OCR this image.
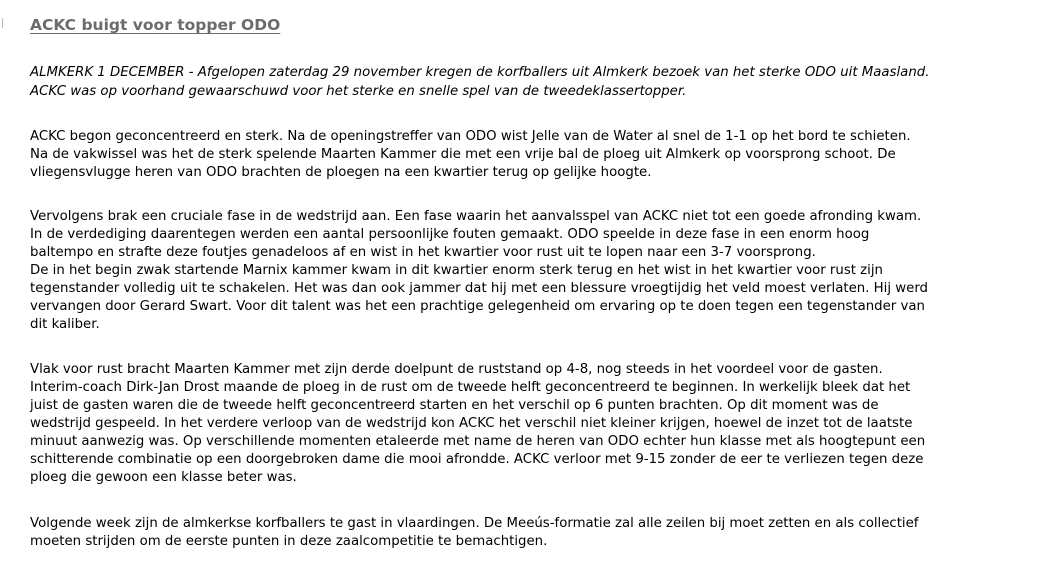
ACKC buigt voor topper ODO
ALMKERK 1 DECEMBER - Afgelopen zaterdag 29 november kregen de korfballers uit Almkerk bezoek van het sterke ODO uit Maasland.
ACKC was op voorhand gewaarschuwd voor het sterke en snelle spel van de tweedeklassertopper.
ACKC begon geconcentreerd en sterk. Na de openingstreffer van ODO wist Jelle van de Water al snel de 1-1 op het bord te schieten.
Na de vakwissel was het de sterk spelende Maarten Kammer die met een vrije bal de ploeg uit Almkerk op voorsprong schoot. De
vliegensvlugge heren van ODO brachten de ploegen na een kwartier terug op gelijke hoogte.
Vervolgens brak een cruciale fase in de wedstrijd aan. Een fase waarin het aanvalsspel van ACKC niet tot een goede afronding kwam.
In de verdediging daarentegen werden een aantal persoonlijke fouten gemaakt. ODO speelde in deze fase in een enorm hoog
baltempo en strafte deze foutjes genadeloos af en wist in het kwartier voor rust uit te lopen naar een 3-7 voorsprong.
De in het begin zwak startende Marnix kammer kwam in dit kwartier enorm sterk terug en het wist in het kwartier voor rust zijn
tegenstander volledig uit te schakelen. Het was dan ook jammer dat hij met een blessure vroegtijdig het veld moest verlaten. Hij werd
vervangen door Gerard Swart. Voor dit talent was het een prachtige gelegenheid om ervaring op te doen tegen een tegenstander van
dit kaliber.
Vlak voor rust bracht Maarten Kammer met zijn derde doelpunt de ruststand op 4-8, nog steeds in het voordeel voor de gasten.
Interim-coach Dirk-Jan Drost maande de ploeg in de rust om de tweede helft geconcentreerd te beginnen. In werkelijk bleek dat het
juist de gasten waren die de tweede helft geconcentreerd starten en het verschil op 6 punten brachten. Op dit moment was de
wedstrijd gespeeld. In het verdere verloop van de wedstrijd kon ACKC het verschil niet kleiner krijgen, hoewel de inzet tot de laatste
minuut aanwezig was. Op verschillende momenten etaleerde met name de heren van ODO echter hun klasse met als hoogtepunt een
schitterende combinatie op een doorgebroken dame die mooi afrondde. ACKC verloor met 9-15 zonder de eer te verliezen tegen deze
ploeg die gewoon een klasse beter was.
Volgende week zijn de almkerkse korfballers te gast in vlaardingen. De Meeús-formatie zal alle zeilen bij moet zetten en als collectief
moeten strijden om de eerste punten in deze zaalcompetitie te bemachtigen.
